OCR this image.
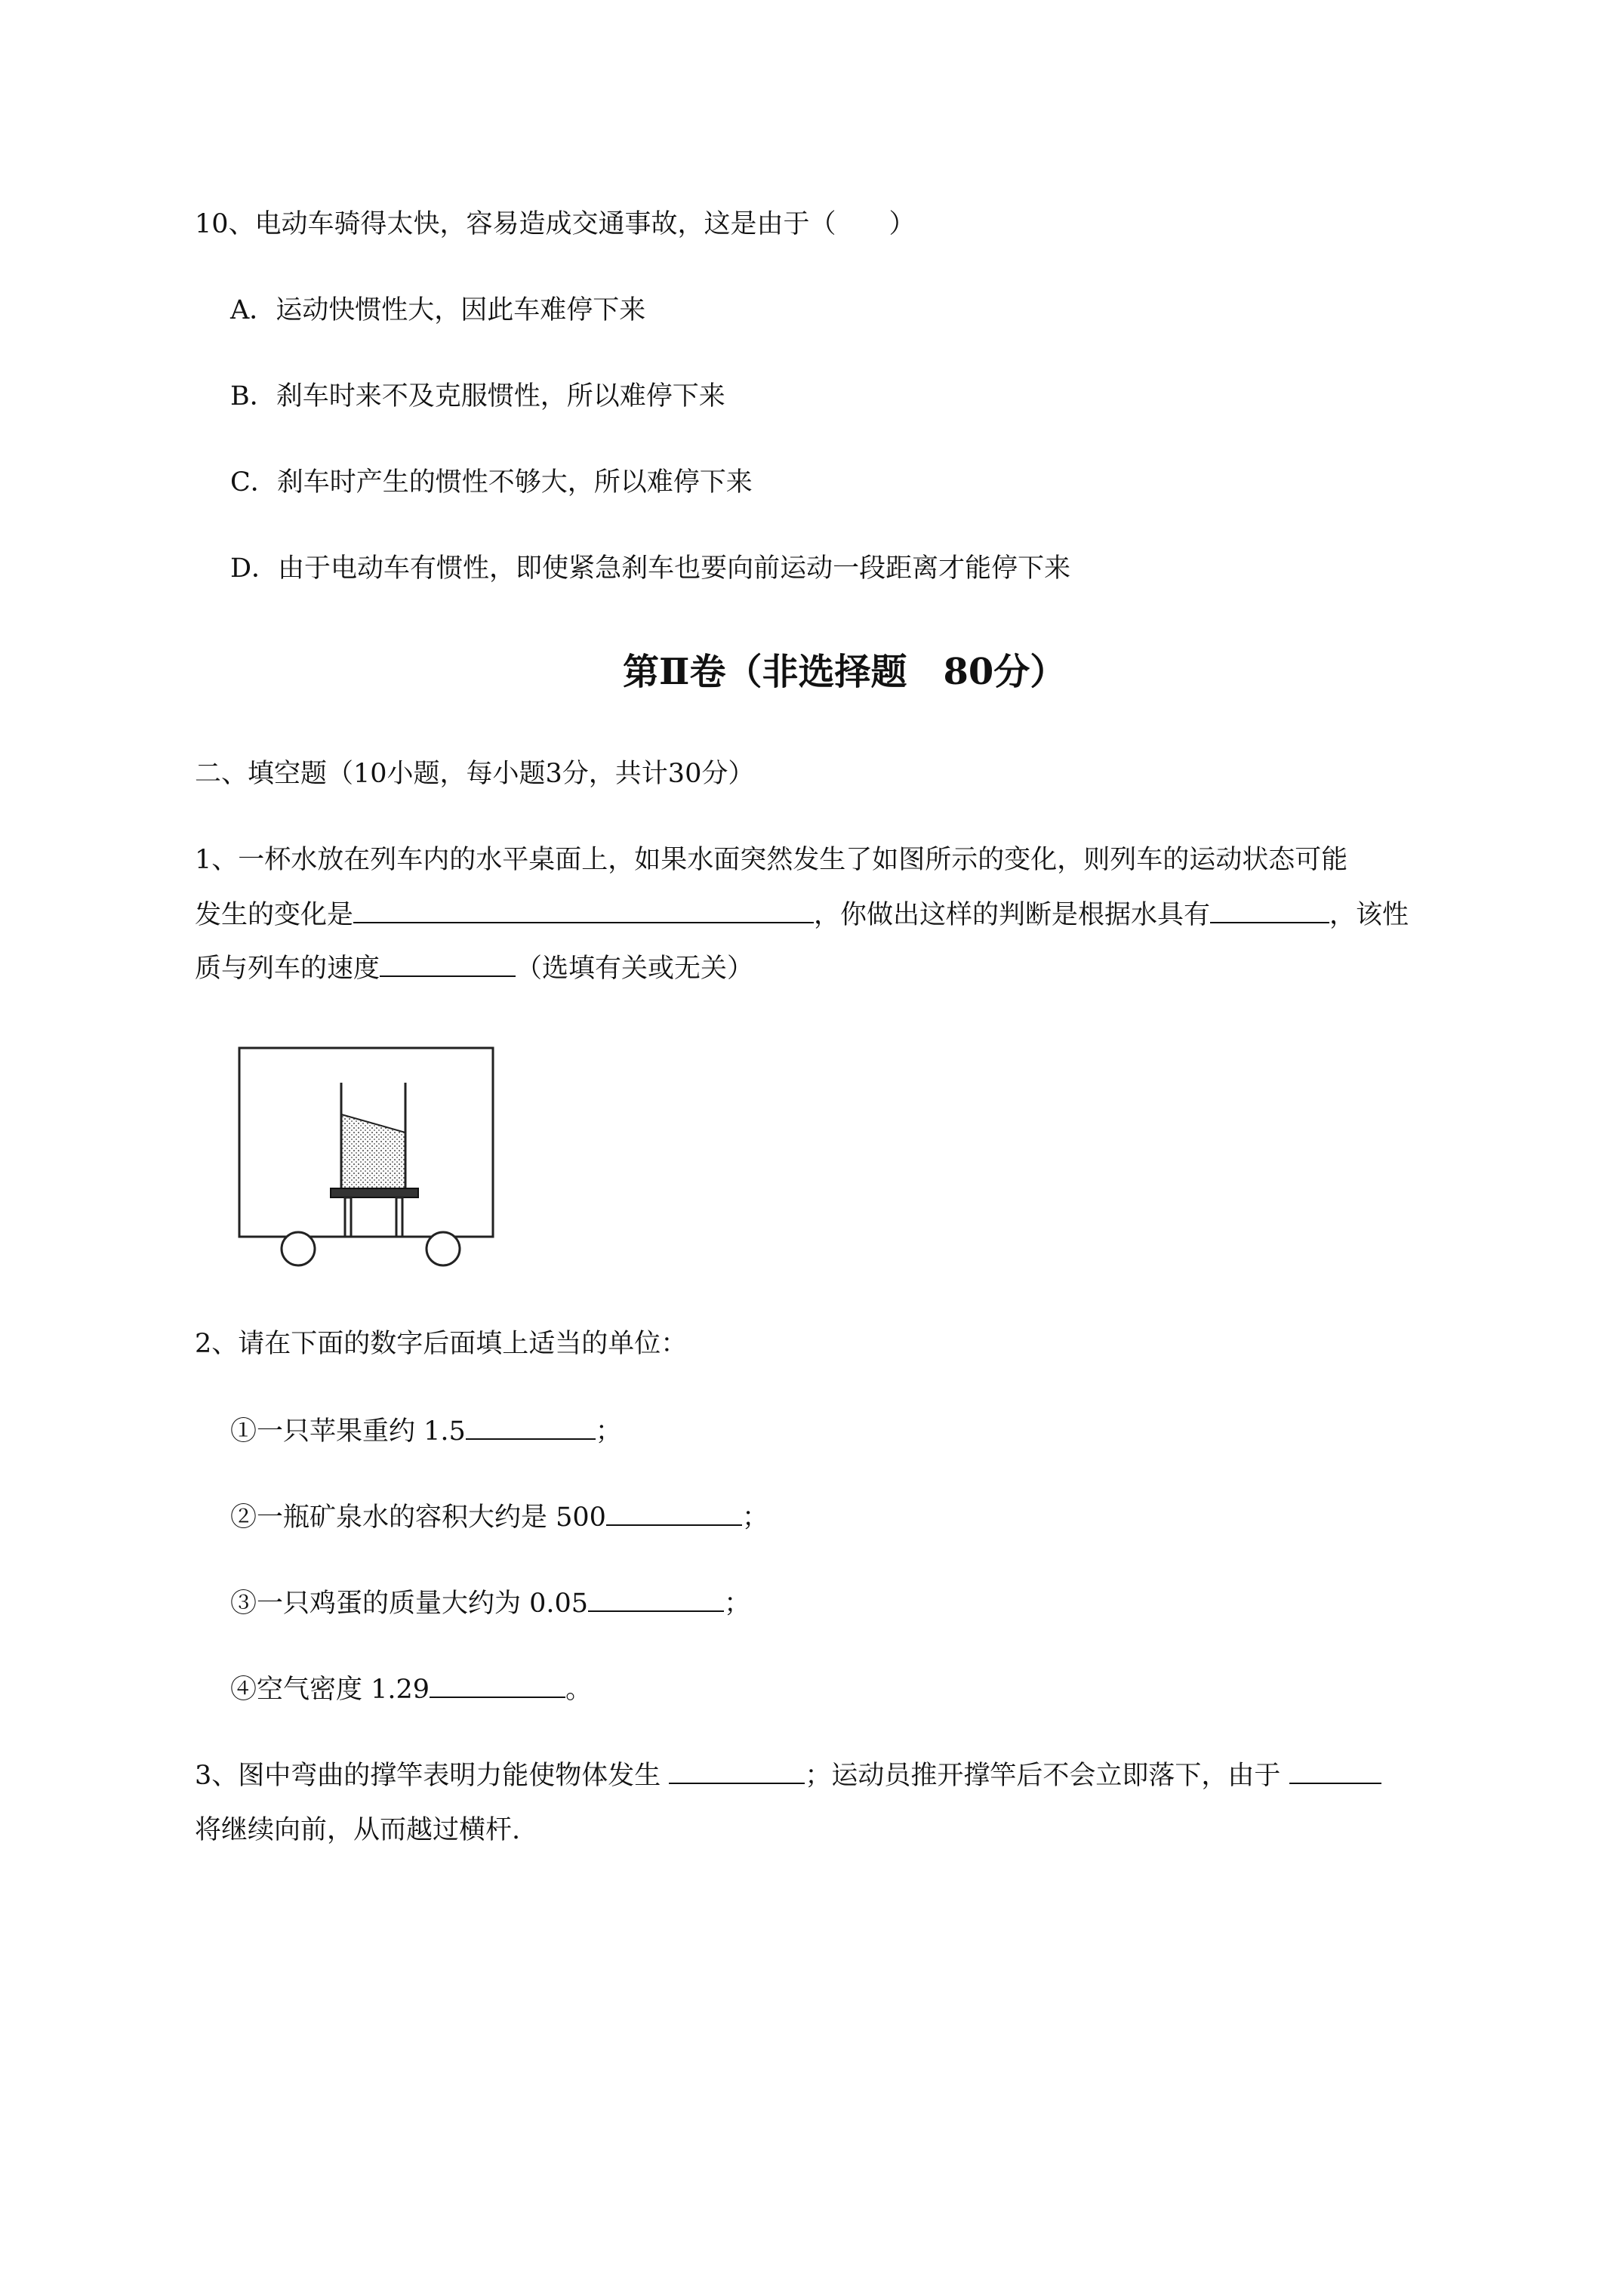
10、电动车骑得太快，容易造成交通事故，这是由于（　　）
A．运动快惯性大，因此车难停下来
B．刹车时来不及克服惯性，所以难停下来
C．刹车时产生的惯性不够大，所以难停下来
D．由于电动车有惯性，即使紧急刹车也要向前运动一段距离才能停下来
第Ⅱ卷（非选择题　80分）
二、填空题（10小题，每小题3分，共计30分）
1、一杯水放在列车内的水平桌面上，如果水面突然发生了如图所示的变化，则列车的运动状态可能
发生的变化是	，你做出这样的判断是根据水具有	，该性
质与列车的速度	（选填有关或无关）
2、请在下面的数字后面填上适当的单位：
①一只苹果重约 1.5	；
②一瓶矿泉水的容积大约是 500	；
③一只鸡蛋的质量大约为 0.05	；
④空气密度 1.29	。
3、图中弯曲的撑竿表明力能使物体发生	；运动员推开撑竿后不会立即落下，由于
将继续向前，从而越过横杆.
